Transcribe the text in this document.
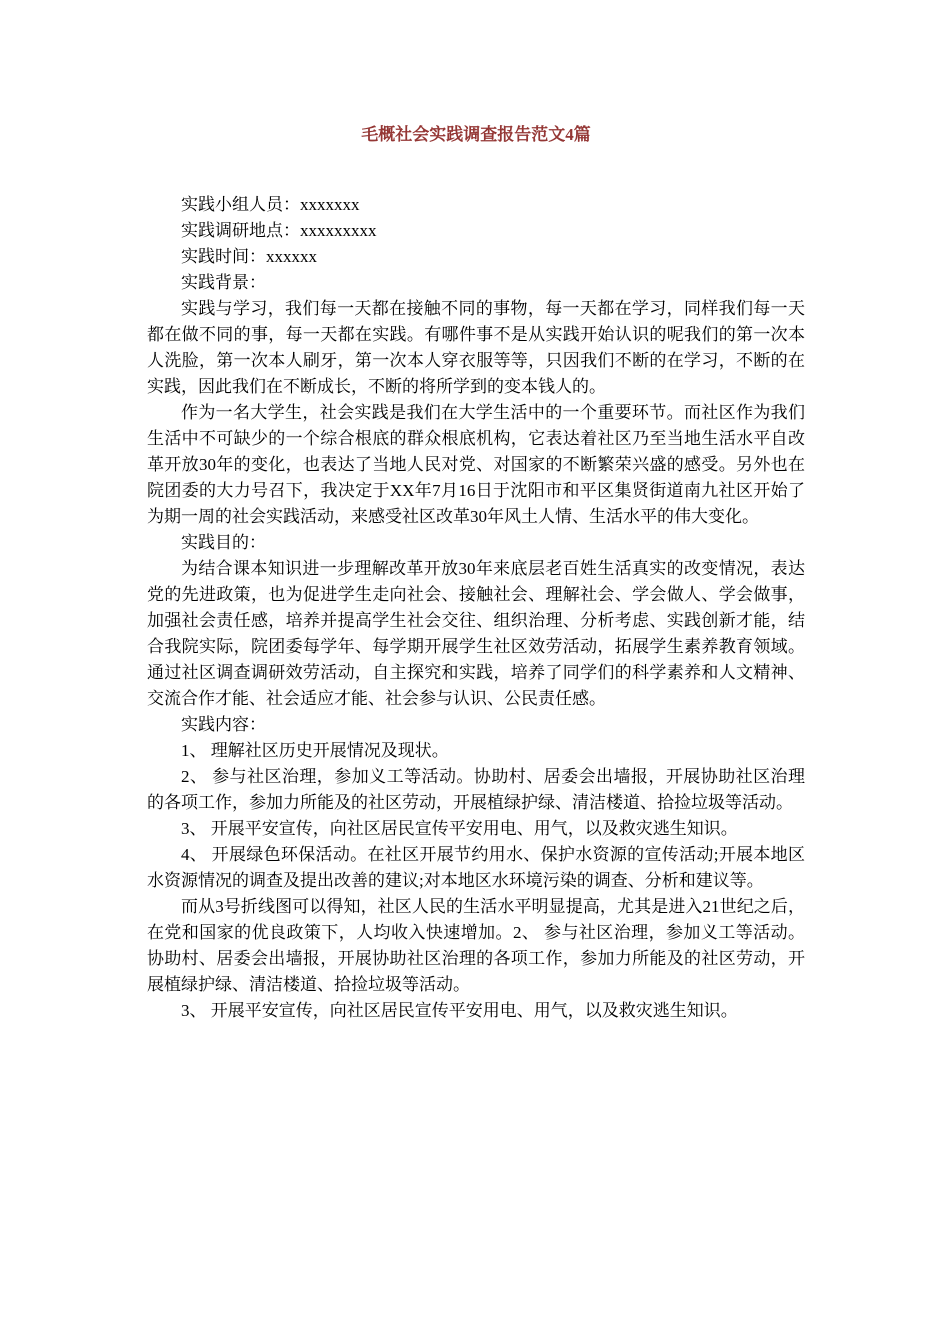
毛概社会实践调查报告范文4篇

实践小组人员：xxxxxxx

实践调研地点：xxxxxxxxx

实践时间：xxxxxx

实践背景：

实践与学习，我们每一天都在接触不同的事物，每一天都在学习，同样我们每一天都在做不同的事，每一天都在实践。有哪件事不是从实践开始认识的呢我们的第一次本人洗脸，第一次本人刷牙，第一次本人穿衣服等等，只因我们不断的在学习，不断的在实践，因此我们在不断成长，不断的将所学到的变本钱人的。

作为一名大学生，社会实践是我们在大学生活中的一个重要环节。而社区作为我们生活中不可缺少的一个综合根底的群众根底机构，它表达着社区乃至当地生活水平自改革开放30年的变化，也表达了当地人民对党、对国家的不断繁荣兴盛的感受。另外也在院团委的大力号召下，我决定于XX年7月16日于沈阳市和平区集贤街道南九社区开始了为期一周的社会实践活动，来感受社区改革30年风土人情、生活水平的伟大变化。

实践目的：

为结合课本知识进一步理解改革开放30年来底层老百姓生活真实的改变情况，表达党的先进政策，也为促进学生走向社会、接触社会、理解社会、学会做人、学会做事，加强社会责任感，培养并提高学生社会交往、组织治理、分析考虑、实践创新才能，结合我院实际，院团委每学年、每学期开展学生社区效劳活动，拓展学生素养教育领域。通过社区调查调研效劳活动，自主探究和实践，培养了同学们的科学素养和人文精神、交流合作才能、社会适应才能、社会参与认识、公民责任感。

实践内容：

1、 理解社区历史开展情况及现状。

2、 参与社区治理，参加义工等活动。协助村、居委会出墙报，开展协助社区治理的各项工作，参加力所能及的社区劳动，开展植绿护绿、清洁楼道、拾捡垃圾等活动。

3、 开展平安宣传，向社区居民宣传平安用电、用气，以及救灾逃生知识。

4、 开展绿色环保活动。在社区开展节约用水、保护水资源的宣传活动;开展本地区水资源情况的调查及提出改善的建议;对本地区水环境污染的调查、分析和建议等。

而从3号折线图可以得知，社区人民的生活水平明显提高，尤其是进入21世纪之后，在党和国家的优良政策下，人均收入快速增加。2、 参与社区治理，参加义工等活动。协助村、居委会出墙报，开展协助社区治理的各项工作，参加力所能及的社区劳动，开展植绿护绿、清洁楼道、拾捡垃圾等活动。

3、 开展平安宣传，向社区居民宣传平安用电、用气，以及救灾逃生知识。
